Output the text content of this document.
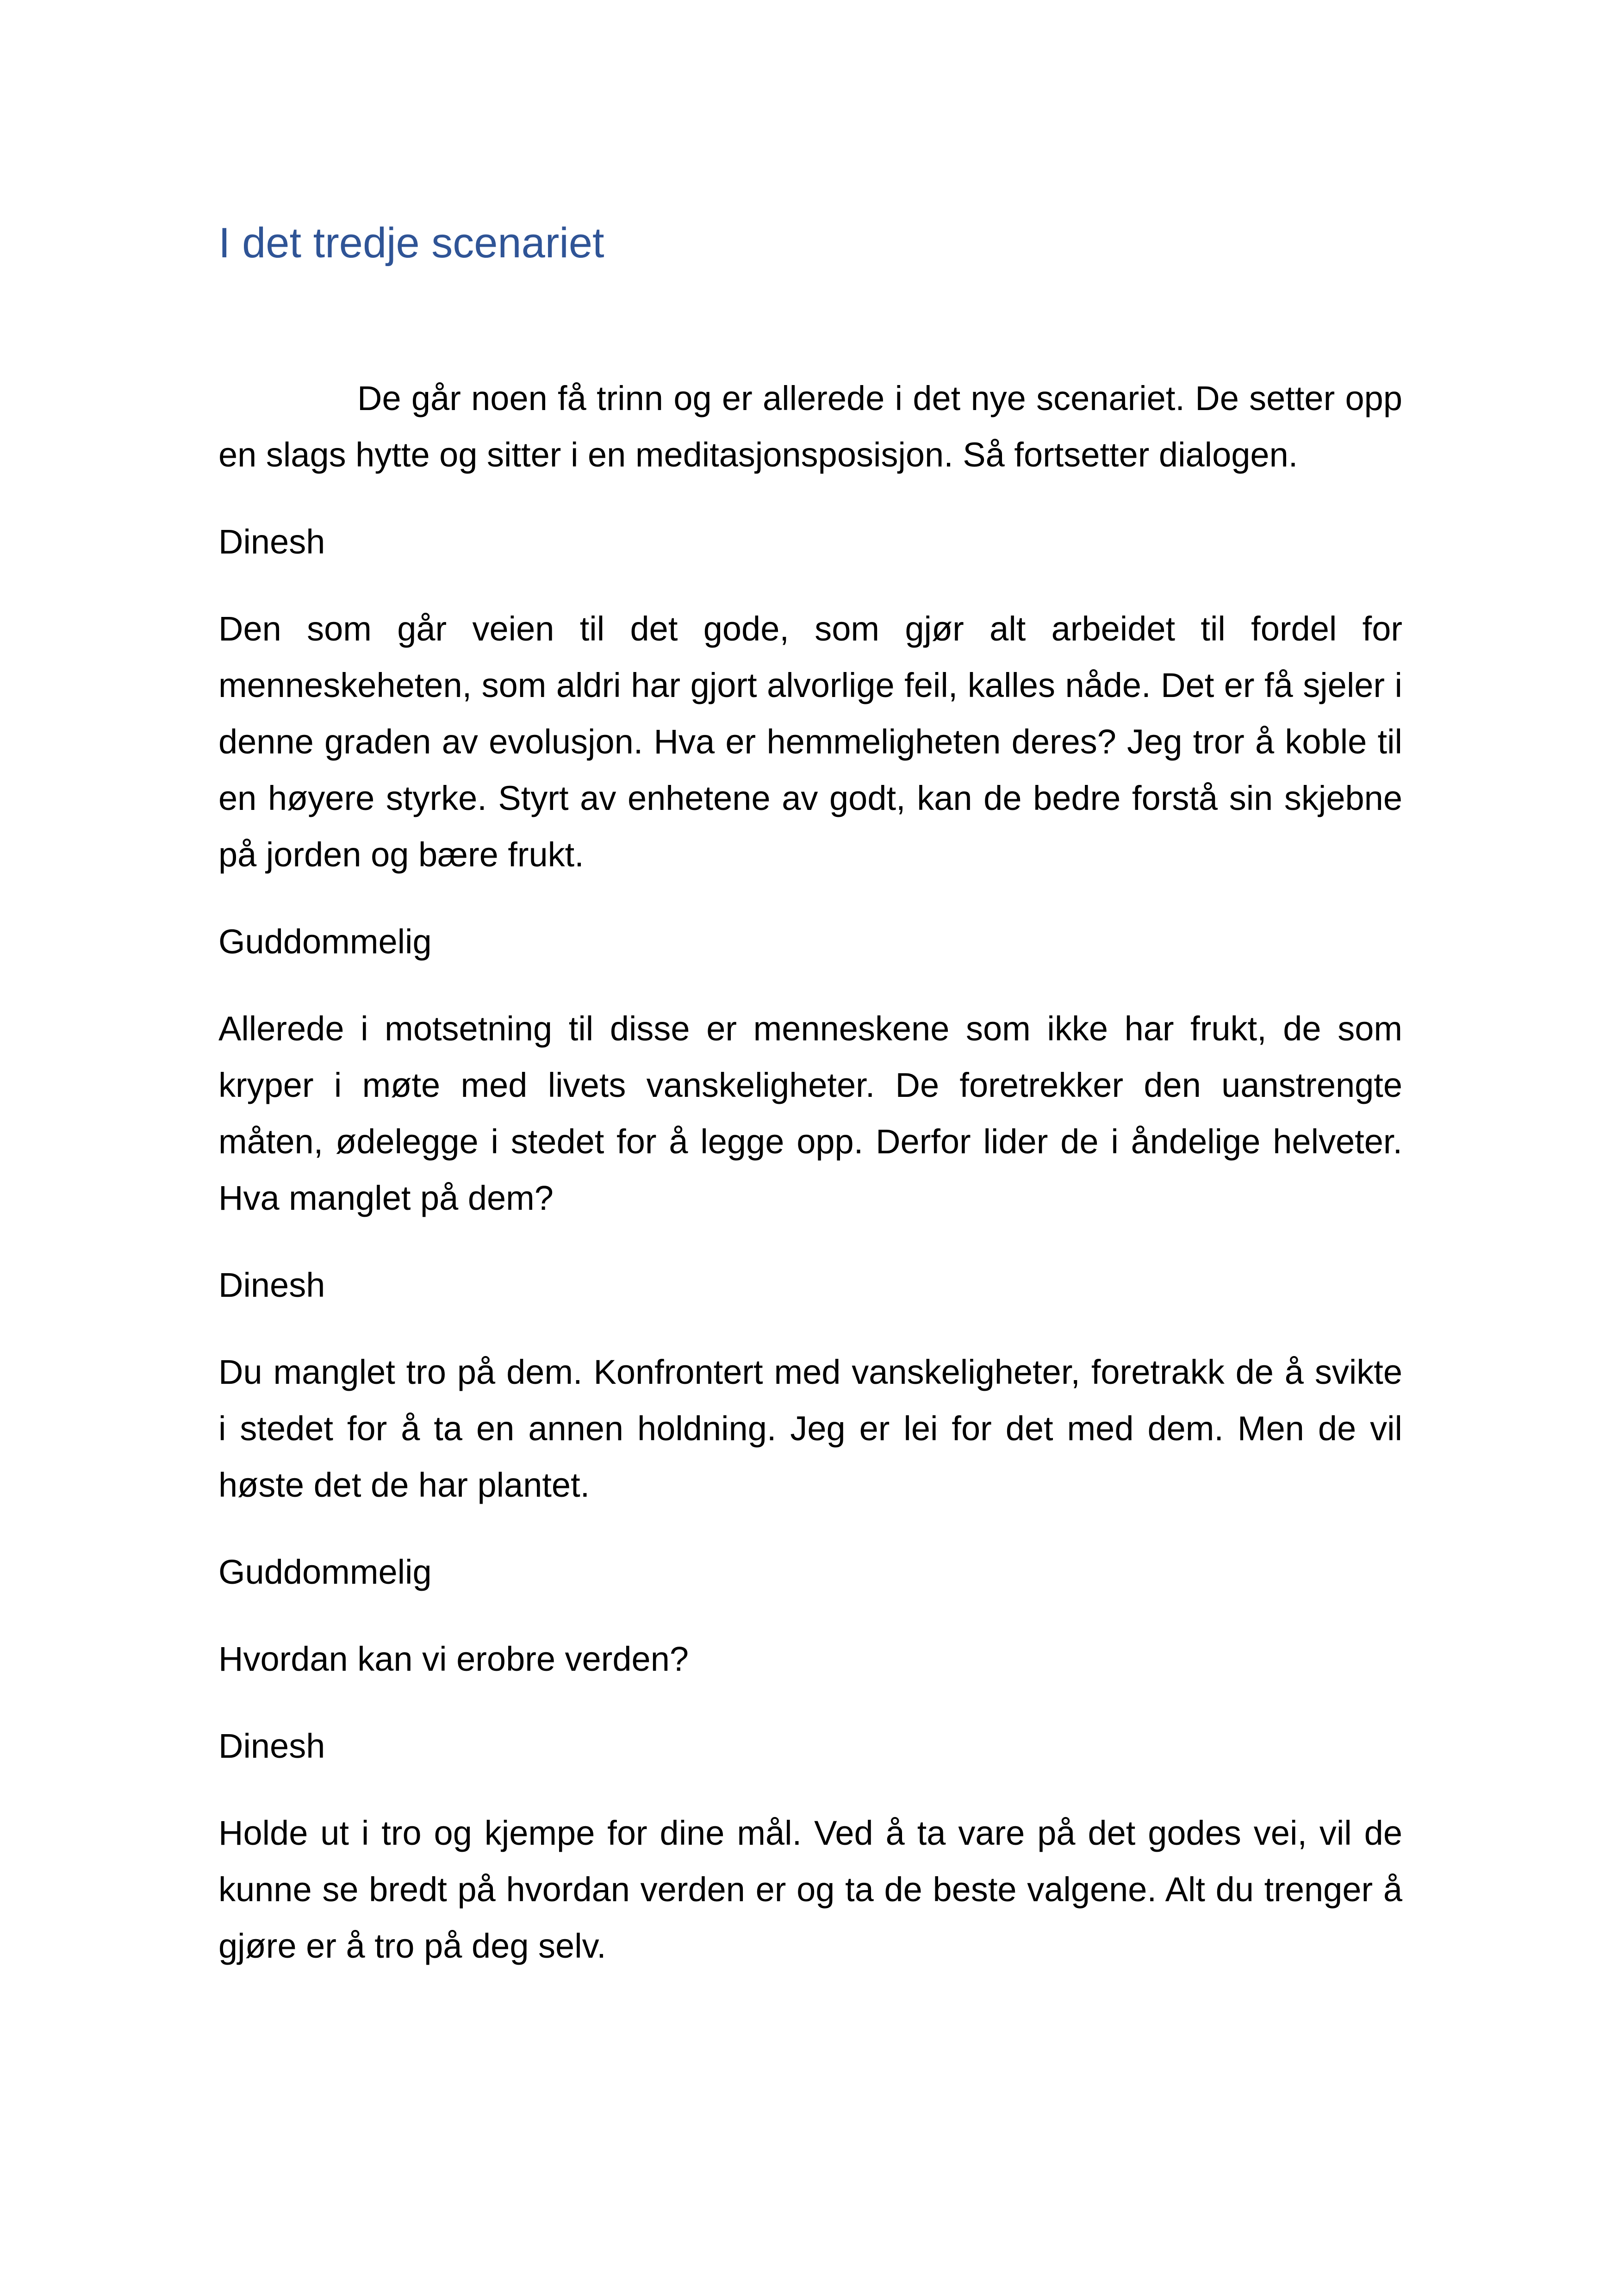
I det tredje scenariet

De går noen få trinn og er allerede i det nye scenariet. De setter opp en slags hytte og sitter i en meditasjonsposisjon. Så fortsetter dialogen.

Dinesh

Den som går veien til det gode, som gjør alt arbeidet til fordel for menneskeheten, som aldri har gjort alvorlige feil, kalles nåde. Det er få sjeler i denne graden av evolusjon. Hva er hemmeligheten deres? Jeg tror å koble til en høyere styrke. Styrt av enhetene av godt, kan de bedre forstå sin skjebne på jorden og bære frukt.

Guddommelig

Allerede i motsetning til disse er menneskene som ikke har frukt, de som kryper i møte med livets vanskeligheter. De foretrekker den uanstrengte måten, ødelegge i stedet for å legge opp. Derfor lider de i åndelige helveter. Hva manglet på dem?

Dinesh

Du manglet tro på dem. Konfrontert med vanskeligheter, foretrakk de å svikte i stedet for å ta en annen holdning. Jeg er lei for det med dem. Men de vil høste det de har plantet.

Guddommelig

Hvordan kan vi erobre verden?

Dinesh

Holde ut i tro og kjempe for dine mål. Ved å ta vare på det godes vei, vil de kunne se bredt på hvordan verden er og ta de beste valgene. Alt du trenger å gjøre er å tro på deg selv.
